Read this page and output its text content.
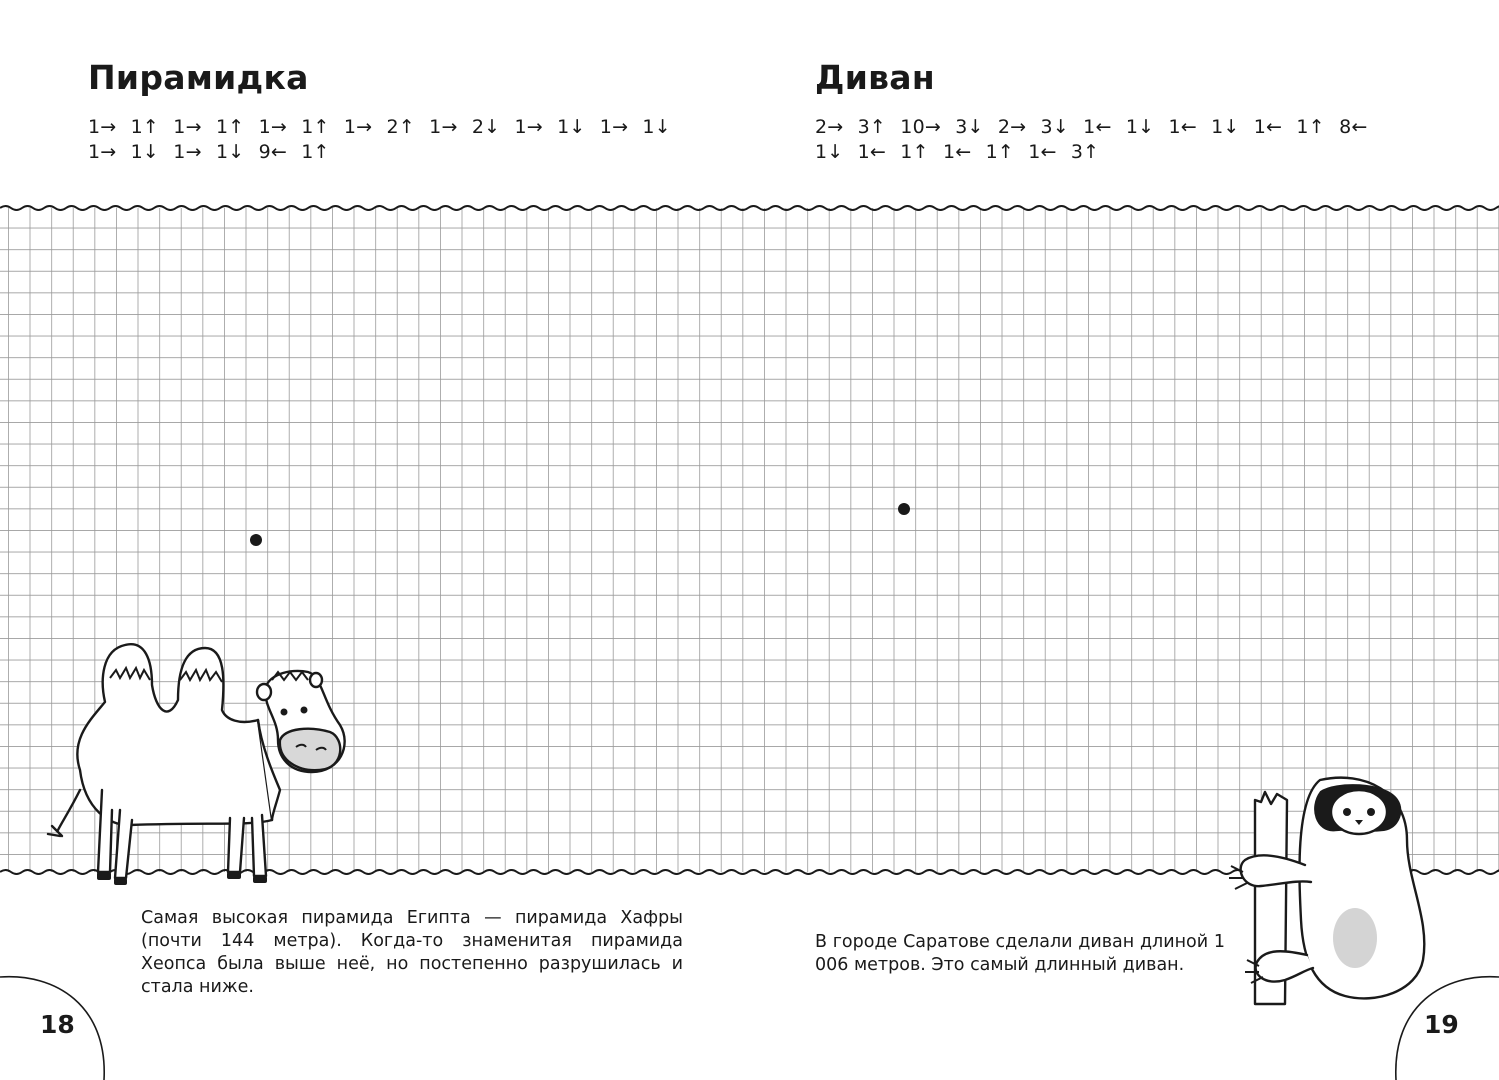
Пирамидка	Диван
1→ 1↑ 1→ 1↑ 1→ 1↑ 1→ 2↑ 1→ 2↓ 1→ 1↓ 1→ 1↓
1→ 1↓ 1→ 1↓ 9← 1↑
2→ 3↑ 10→ 3↓ 2→ 3↓ 1← 1↓ 1← 1↓ 1← 1↑ 8←
1↓ 1← 1↑ 1← 1↑ 1← 3↑
Самая высокая пирамида Египта — пирамида Хафры (почти 144 метра). Когда-то знаменитая пирамида Хеопса была выше неё, но постепенно разрушилась и стала ниже.
В городе Саратове сделали диван длиной 1 006 метров. Это самый длинный диван.
18	19
